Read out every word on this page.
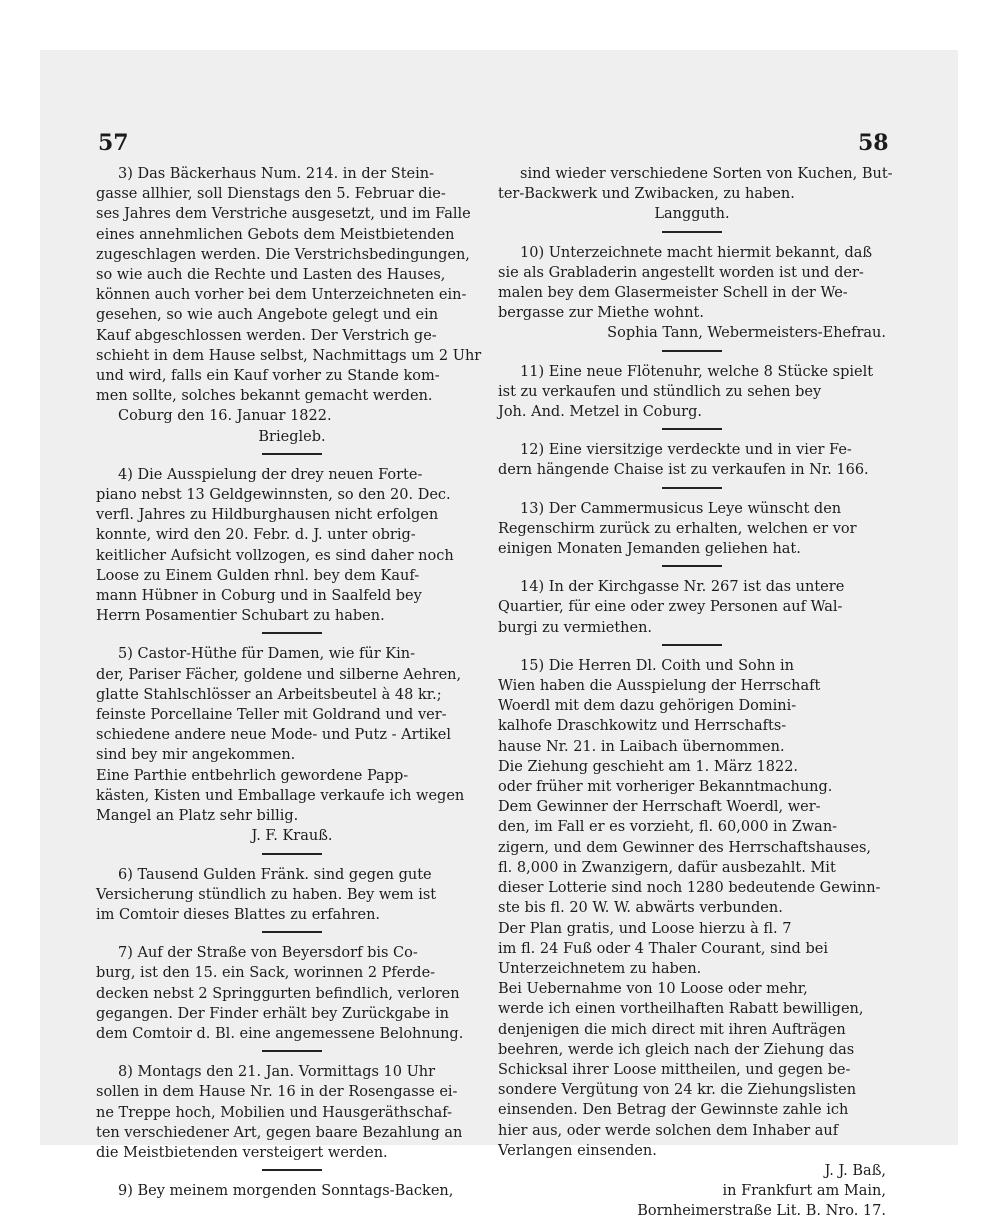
57	58
3) Das Bäckerhaus Num. 214. in der Stein-
gasse allhier, soll Dienstags den 5. Februar die-
ses Jahres dem Verstriche ausgesetzt, und im Falle
eines annehmlichen Gebots dem Meistbietenden
zugeschlagen werden. Die Verstrichsbedingungen,
so wie auch die Rechte und Lasten des Hauses,
können auch vorher bei dem Unterzeichneten ein-
gesehen, so wie auch Angebote gelegt und ein
Kauf abgeschlossen werden. Der Verstrich ge-
schieht in dem Hause selbst, Nachmittags um 2 Uhr
und wird, falls ein Kauf vorher zu Stande kom-
men sollte, solches bekannt gemacht werden.
Coburg den 16. Januar 1822.
Briegleb.
4) Die Ausspielung der drey neuen Forte-
piano nebst 13 Geldgewinnsten, so den 20. Dec.
verfl. Jahres zu Hildburghausen nicht erfolgen
konnte, wird den 20. Febr. d. J. unter obrig-
keitlicher Aufsicht vollzogen, es sind daher noch
Loose zu Einem Gulden rhnl. bey dem Kauf-
mann Hübner in Coburg und in Saalfeld bey
Herrn Posamentier Schubart zu haben.
5) Castor-Hüthe für Damen, wie für Kin-
der, Pariser Fächer, goldene und silberne Aehren,
glatte Stahlschlösser an Arbeitsbeutel à 48 kr.;
feinste Porcellaine Teller mit Goldrand und ver-
schiedene andere neue Mode- und Putz - Artikel
sind bey mir angekommen.
Eine Parthie entbehrlich gewordene Papp-
kästen, Kisten und Emballage verkaufe ich wegen
Mangel an Platz sehr billig.
J. F. Krauß.
6) Tausend Gulden Fränk. sind gegen gute
Versicherung stündlich zu haben. Bey wem ist
im Comtoir dieses Blattes zu erfahren.
7) Auf der Straße von Beyersdorf bis Co-
burg, ist den 15. ein Sack, worinnen 2 Pferde-
decken nebst 2 Springgurten befindlich, verloren
gegangen. Der Finder erhält bey Zurückgabe in
dem Comtoir d. Bl. eine angemessene Belohnung.
8) Montags den 21. Jan. Vormittags 10 Uhr
sollen in dem Hause Nr. 16 in der Rosengasse ei-
ne Treppe hoch, Mobilien und Hausgeräthschaf-
ten verschiedener Art, gegen baare Bezahlung an
die Meistbietenden versteigert werden.
9) Bey meinem morgenden Sonntags-Backen,
sind wieder verschiedene Sorten von Kuchen, But-
ter-Backwerk und Zwibacken, zu haben.
Langguth.
10) Unterzeichnete macht hiermit bekannt, daß
sie als Grabladerin angestellt worden ist und der-
malen bey dem Glasermeister Schell in der We-
bergasse zur Miethe wohnt.
Sophia Tann, Webermeisters-Ehefrau.
11) Eine neue Flötenuhr, welche 8 Stücke spielt
ist zu verkaufen und stündlich zu sehen bey
Joh. And. Metzel in Coburg.
12) Eine viersitzige verdeckte und in vier Fe-
dern hängende Chaise ist zu verkaufen in Nr. 166.
13) Der Cammermusicus Leye wünscht den
Regenschirm zurück zu erhalten, welchen er vor
einigen Monaten Jemanden geliehen hat.
14) In der Kirchgasse Nr. 267 ist das untere
Quartier, für eine oder zwey Personen auf Wal-
burgi zu vermiethen.
15) Die Herren Dl. Coith und Sohn in
Wien haben die Ausspielung der Herrschaft
Woerdl mit dem dazu gehörigen Domini-
kalhofe Draschkowitz und Herrschafts-
hause Nr. 21. in Laibach übernommen.
Die Ziehung geschieht am 1. März 1822.
oder früher mit vorheriger Bekanntmachung.
Dem Gewinner der Herrschaft Woerdl, wer-
den, im Fall er es vorzieht, fl. 60,000 in Zwan-
zigern, und dem Gewinner des Herrschaftshauses,
fl. 8,000 in Zwanzigern, dafür ausbezahlt. Mit
dieser Lotterie sind noch 1280 bedeutende Gewinn-
ste bis fl. 20 W. W. abwärts verbunden.
Der Plan gratis, und Loose hierzu à fl. 7
im fl. 24 Fuß oder 4 Thaler Courant, sind bei
Unterzeichnetem zu haben.
Bei Uebernahme von 10 Loose oder mehr,
werde ich einen vortheilhaften Rabatt bewilligen,
denjenigen die mich direct mit ihren Aufträgen
beehren, werde ich gleich nach der Ziehung das
Schicksal ihrer Loose mittheilen, und gegen be-
sondere Vergütung von 24 kr. die Ziehungslisten
einsenden. Den Betrag der Gewinnste zahle ich
hier aus, oder werde solchen dem Inhaber auf
Verlangen einsenden.
J. J. Baß,
in Frankfurt am Main,
Bornheimerstraße Lit. B. Nro. 17.
